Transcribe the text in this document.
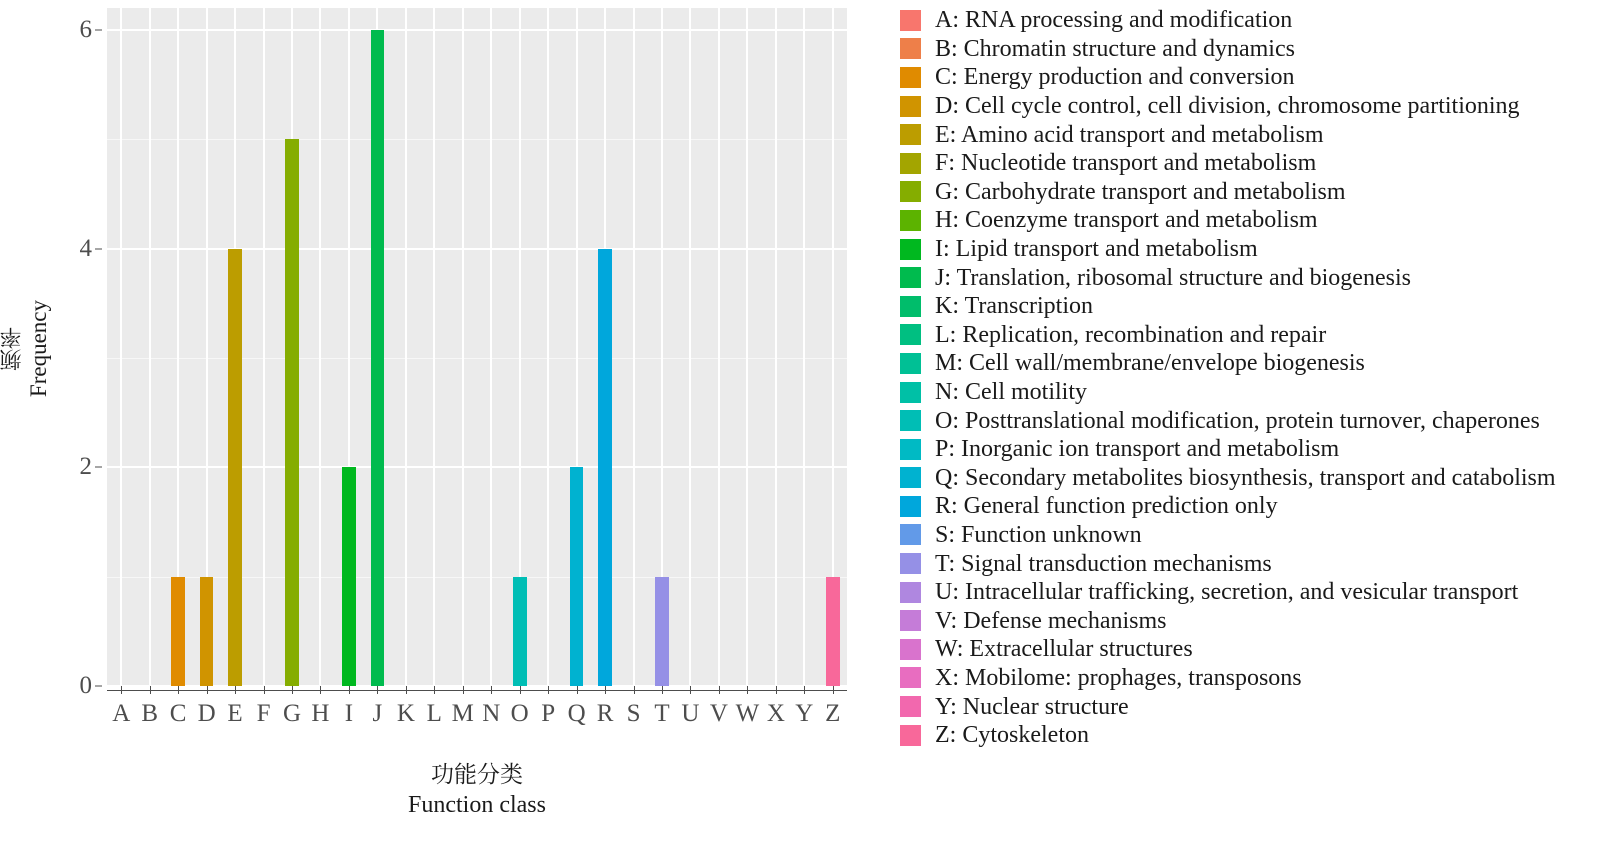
频率 Frequency
0
2
4
6
A B C D E F G H I J K L M N O P Q R S T U V W X Y Z
功能分类
Function class
A: RNA processing and modification
B: Chromatin structure and dynamics
C: Energy production and conversion
D: Cell cycle control, cell division, chromosome partitioning
E: Amino acid transport and metabolism
F: Nucleotide transport and metabolism
G: Carbohydrate transport and metabolism
H: Coenzyme transport and metabolism
I: Lipid transport and metabolism
J: Translation, ribosomal structure and biogenesis
K: Transcription
L: Replication, recombination and repair
M: Cell wall/membrane/envelope biogenesis
N: Cell motility
O: Posttranslational modification, protein turnover, chaperones
P: Inorganic ion transport and metabolism
Q: Secondary metabolites biosynthesis, transport and catabolism
R: General function prediction only
S: Function unknown
T: Signal transduction mechanisms
U: Intracellular trafficking, secretion, and vesicular transport
V: Defense mechanisms
W: Extracellular structures
X: Mobilome: prophages, transposons
Y: Nuclear structure
Z: Cytoskeleton
